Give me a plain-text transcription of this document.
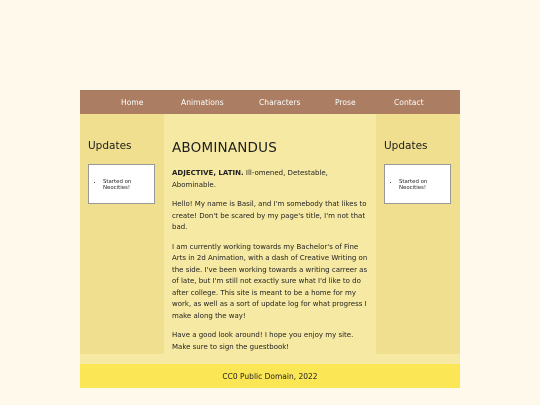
Home	Animations	Characters	Prose	Contact
Updates
• Started on Neocities!
ABOMINANDUS

ADJECTIVE, LATIN. Ill-omened, Detestable, Abominable.

Hello! My name is Basil, and I'm somebody that likes to create! Don't be scared by my page's title, I'm not that bad.

I am currently working towards my Bachelor's of Fine Arts in 2d Animation, with a dash of Creative Writing on the side. I've been working towards a writing carreer as of late, but I'm still not exactly sure what I'd like to do after college. This site is meant to be a home for my work, as well as a sort of update log for what progress I make along the way!

Have a good look around! I hope you enjoy my site. Make sure to sign the guestbook!

Updates
• Started on Neocities!
CC0 Public Domain, 2022
